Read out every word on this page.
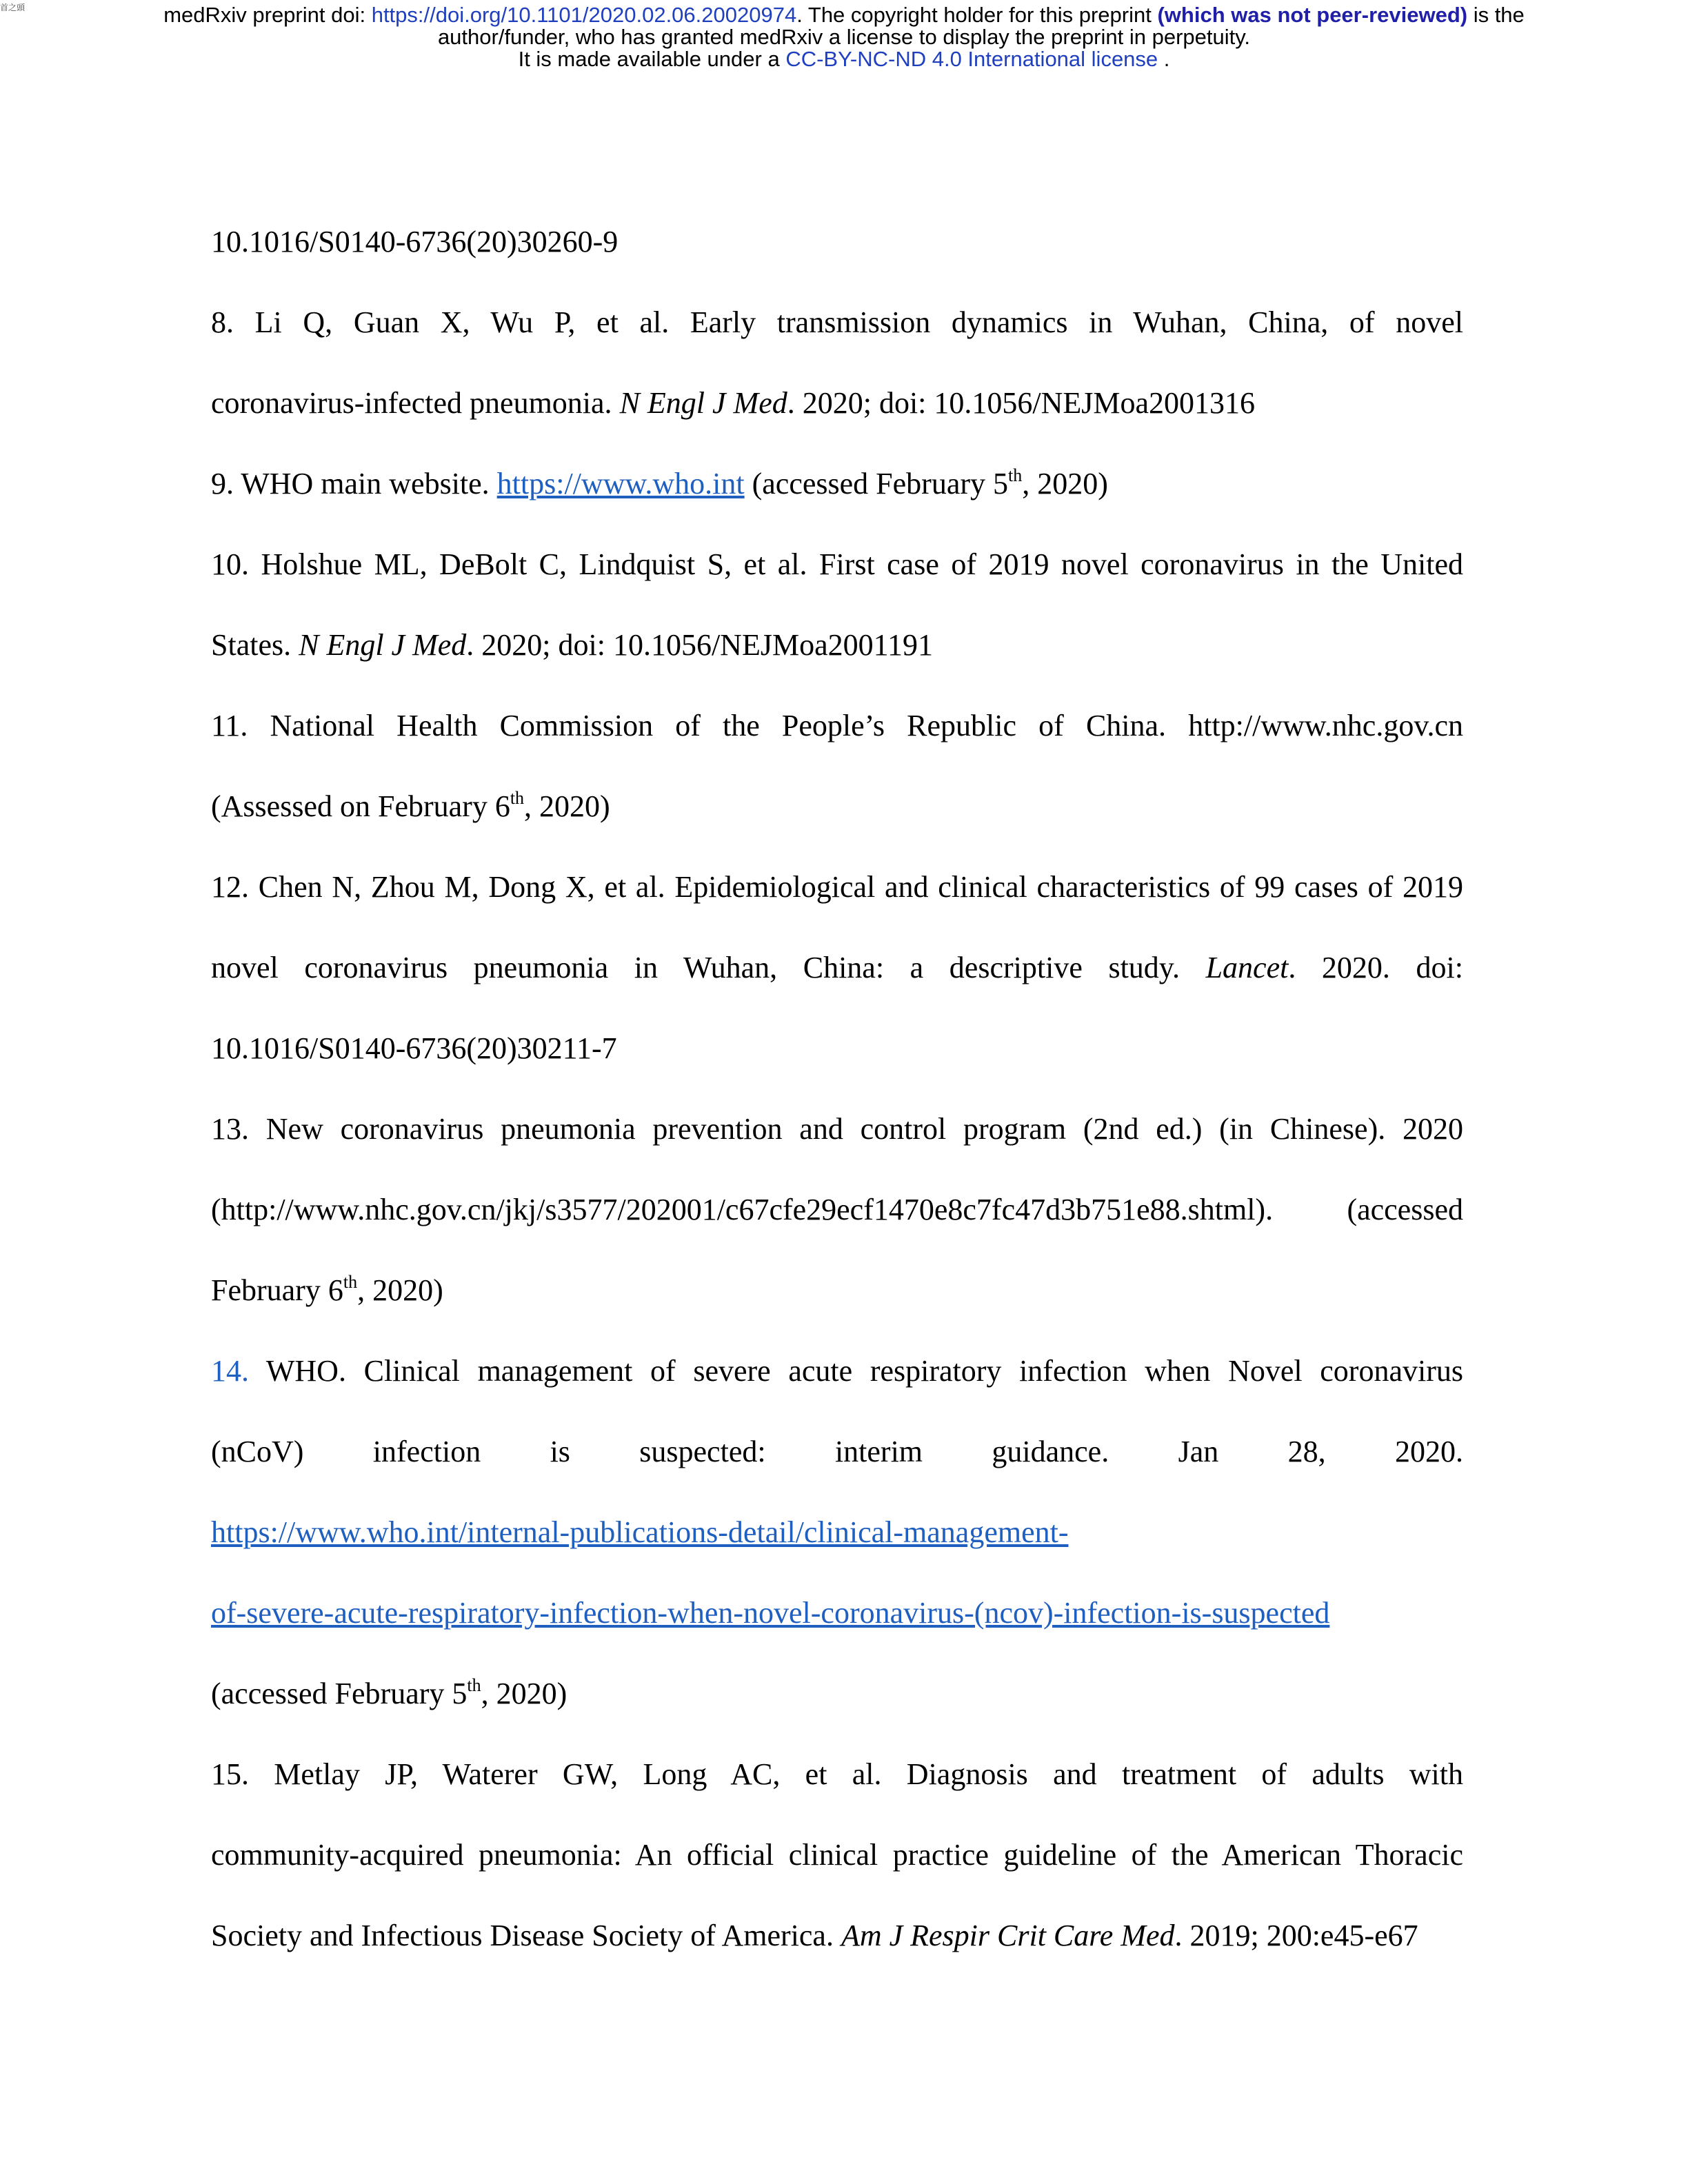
首之頭	medRxiv preprint doi: https://doi.org/10.1101/2020.02.06.20020974. The copyright holder for this preprint (which was not peer-reviewed) is the
author/funder, who has granted medRxiv a license to display the preprint in perpetuity.
It is made available under a CC-BY-NC-ND 4.0 International license .
10.1016/S0140-6736(20)30260-9
8. Li Q, Guan X, Wu P, et al. Early transmission dynamics in Wuhan, China, of novel
coronavirus-infected pneumonia. N Engl J Med. 2020; doi: 10.1056/NEJMoa2001316
9. WHO main website. https://www.who.int (accessed February 5th, 2020)
10. Holshue ML, DeBolt C, Lindquist S, et al. First case of 2019 novel coronavirus in the United
States. N Engl J Med. 2020; doi: 10.1056/NEJMoa2001191
11. National Health Commission of the People’s Republic of China. http://www.nhc.gov.cn
(Assessed on February 6th, 2020)
12. Chen N, Zhou M, Dong X, et al. Epidemiological and clinical characteristics of 99 cases of 2019
novel coronavirus pneumonia in Wuhan, China: a descriptive study. Lancet. 2020. doi:
10.1016/S0140-6736(20)30211-7
13. New coronavirus pneumonia prevention and control program (2nd ed.) (in Chinese). 2020
(http://www.nhc.gov.cn/jkj/s3577/202001/c67cfe29ecf1470e8c7fc47d3b751e88.shtml). (accessed
February 6th, 2020)
14. WHO. Clinical management of severe acute respiratory infection when Novel coronavirus
(nCoV) infection is suspected: interim guidance. Jan 28, 2020.
https://www.who.int/internal-publications-detail/clinical-management-
of-severe-acute-respiratory-infection-when-novel-coronavirus-(ncov)-infection-is-suspected
(accessed February 5th, 2020)
15. Metlay JP, Waterer GW, Long AC, et al. Diagnosis and treatment of adults with
community-acquired pneumonia: An official clinical practice guideline of the American Thoracic
Society and Infectious Disease Society of America. Am J Respir Crit Care Med. 2019; 200:e45-e67
